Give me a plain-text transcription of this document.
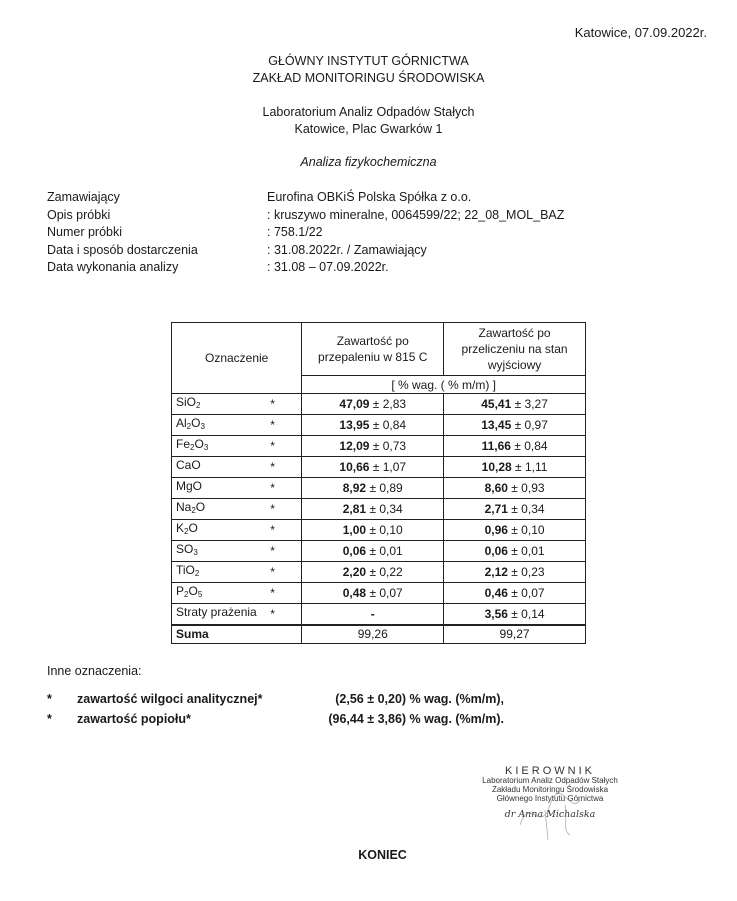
Katowice, 07.09.2022r.
GŁÓWNY INSTYTUT GÓRNICTWA
ZAKŁAD MONITORINGU ŚRODOWISKA
Laboratorium Analiz Odpadów Stałych
Katowice, Plac Gwarków 1
Analiza fizykochemiczna
Zamawiający	Eurofina OBKiŚ Polska Spółka z o.o.
Opis próbki	: kruszywo mineralne, 0064599/22; 22_08_MOL_BAZ
Numer próbki	: 758.1/22
Data i sposób dostarczenia	: 31.08.2022r. / Zamawiający
Data wykonania analizy	: 31.08 – 07.09.2022r.
Oznaczenie		Zawartość po przepaleniu w 815 C	Zawartość po przeliczeniu na stan wyjściowy
		[ % wag. ( % m/m) ]	
SiO$_2$	*	47,09 ± 2,83	45,41 ± 3,27
$Al_2O_3$	*	13,95 ± 0,84	13,45 ± 0,97
$Fe_2O_3$	*	12,09 ± 0,73	11,66 ± 0,84
CaO	*	10,66 ± 1,07	10,28 ± 1,11
MgO	*	8,92 ± 0,89	8,60 ± 0,93
$Na_2O$	*	2,81 ± 0,34	2,71 ± 0,34
$K_2O$	*	1,00 ± 0,10	0,96 ± 0,10
$SO_3$	*	0,06 ± 0,01	0,06 ± 0,01
TiO$_2$	*	2,20 ± 0,22	2,12 ± 0,23
$P_2O_5$	*	0,48 ± 0,07	0,46 ± 0,07
Straty prażenia	*	-	3,56 ± 0,14
Suma		99,26	99,27
Inne oznaczenia:
* zawartość wilgoci analitycznej*	(2,56 ± 0,20) % wag. (%m/m),
* zawartość popiołu*	(96,44 ± 3,86) % wag. (%m/m).
KIEROWNIK
Laboratorium Analiz Odpadów Stałych
Zakładu Monitoringu Środowiska
Głównego Instytutu Górnictwa
dr Anna Michalska
KONIEC
